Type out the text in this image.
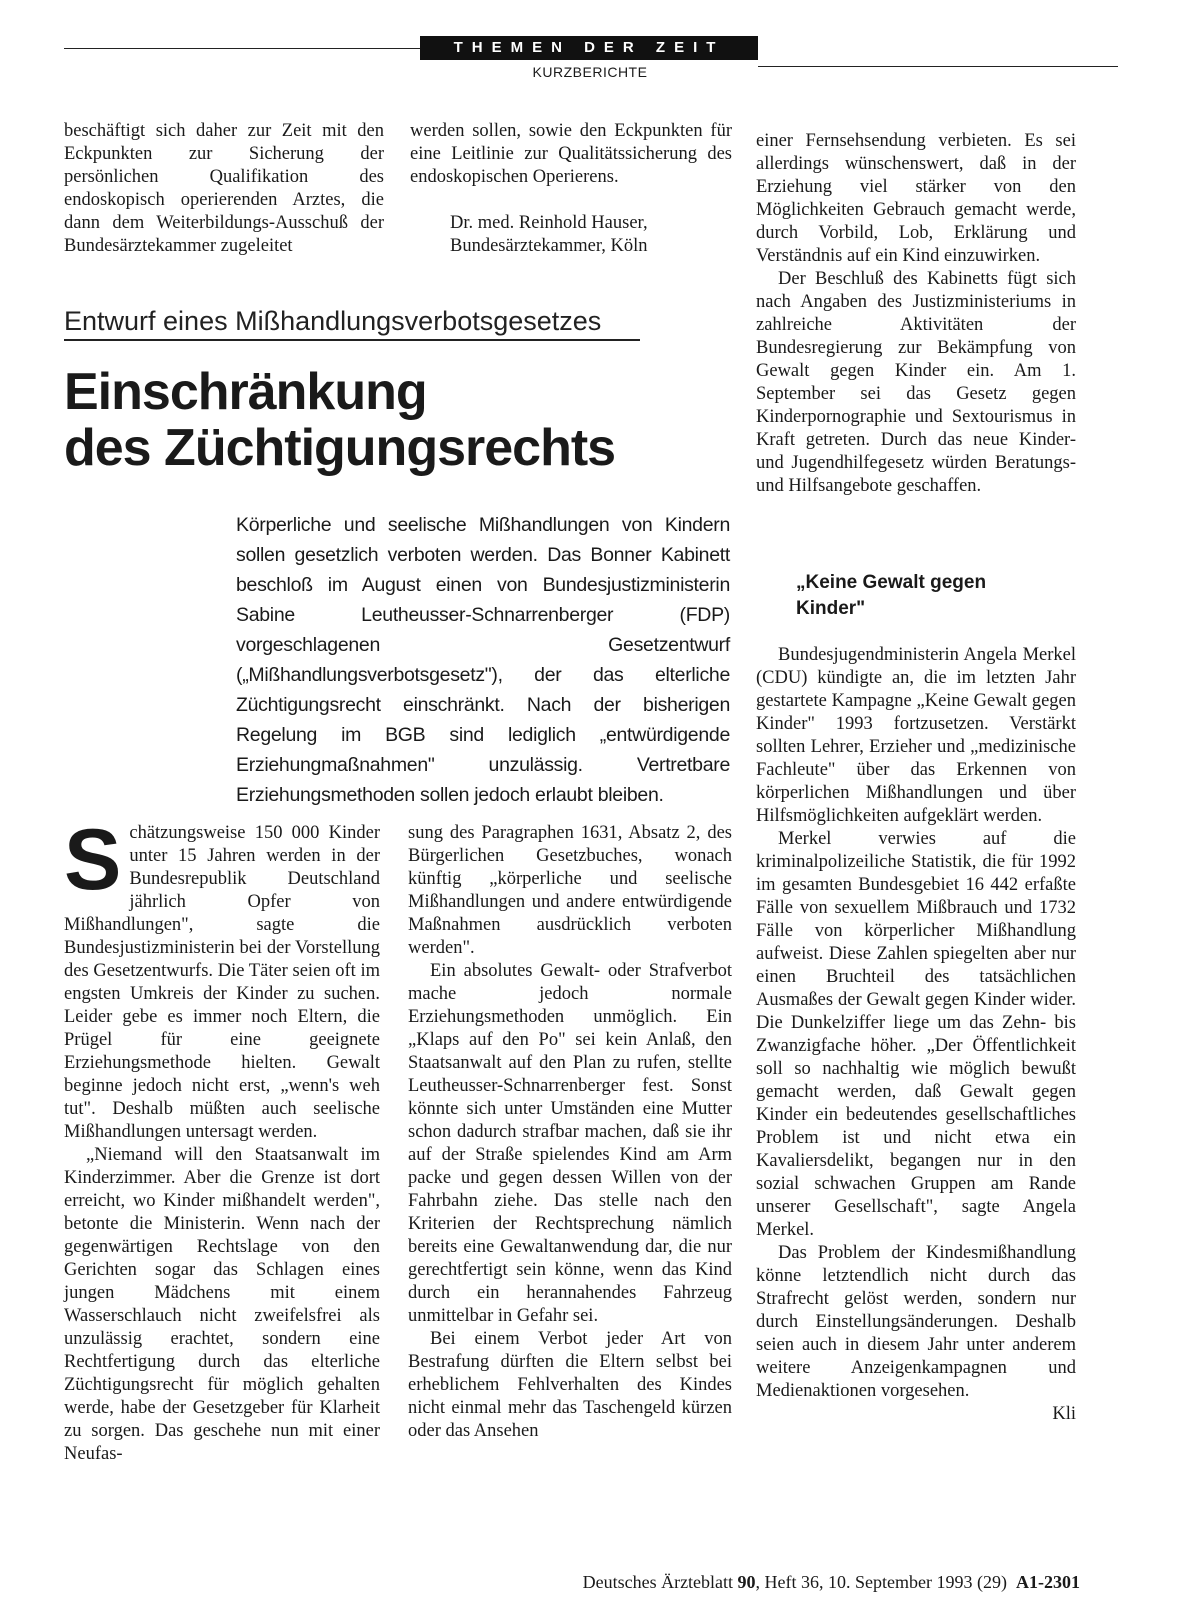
THEMEN DER ZEIT
KURZBERICHTE

beschäftigt sich daher zur Zeit mit den Eckpunkten zur Sicherung der persönlichen Qualifikation des endoskopisch operierenden Arztes, die dann dem Weiterbildungs-Ausschuß der Bundesärztekammer zugeleitet

werden sollen, sowie den Eckpunkten für eine Leitlinie zur Qualitätssicherung des endoskopischen Operierens.

Dr. med. Reinhold Hauser,
Bundesärztekammer, Köln
Entwurf eines Mißhandlungsverbotsgesetzes
Einschränkung
des Züchtigungsrechts
Körperliche und seelische Mißhandlungen von Kindern sollen gesetzlich verboten werden. Das Bonner Kabinett beschloß im August einen von Bundesjustizministerin Sabine Leutheusser-Schnarrenberger (FDP) vorgeschlagenen Gesetzentwurf („Mißhandlungsverbotsgesetz"), der das elterliche Züchtigungsrecht einschränkt. Nach der bisherigen Regelung im BGB sind lediglich „entwürdigende Erziehungmaßnahmen" unzulässig. Vertretbare Erziehungsmethoden sollen jedoch erlaubt bleiben.

Schätzungsweise 150 000 Kinder unter 15 Jahren werden in der Bundesrepublik Deutschland jährlich Opfer von Mißhandlungen", sagte die Bundesjustizministerin bei der Vorstellung des Gesetzentwurfs. Die Täter seien oft im engsten Umkreis der Kinder zu suchen. Leider gebe es immer noch Eltern, die Prügel für eine geeignete Erziehungsmethode hielten. Gewalt beginne jedoch nicht erst, „wenn's weh tut". Deshalb müßten auch seelische Mißhandlungen untersagt werden.

„Niemand will den Staatsanwalt im Kinderzimmer. Aber die Grenze ist dort erreicht, wo Kinder mißhandelt werden", betonte die Ministerin. Wenn nach der gegenwärtigen Rechtslage von den Gerichten sogar das Schlagen eines jungen Mädchens mit einem Wasserschlauch nicht zweifelsfrei als unzulässig erachtet, sondern eine Rechtfertigung durch das elterliche Züchtigungsrecht für möglich gehalten werde, habe der Gesetzgeber für Klarheit zu sorgen. Das geschehe nun mit einer Neufas-

sung des Paragraphen 1631, Absatz 2, des Bürgerlichen Gesetzbuches, wonach künftig „körperliche und seelische Mißhandlungen und andere entwürdigende Maßnahmen ausdrücklich verboten werden".

Ein absolutes Gewalt- oder Strafverbot mache jedoch normale Erziehungsmethoden unmöglich. Ein „Klaps auf den Po" sei kein Anlaß, den Staatsanwalt auf den Plan zu rufen, stellte Leutheusser-Schnarrenberger fest. Sonst könnte sich unter Umständen eine Mutter schon dadurch strafbar machen, daß sie ihr auf der Straße spielendes Kind am Arm packe und gegen dessen Willen von der Fahrbahn ziehe. Das stelle nach den Kriterien der Rechtsprechung nämlich bereits eine Gewaltanwendung dar, die nur gerechtfertigt sein könne, wenn das Kind durch ein herannahendes Fahrzeug unmittelbar in Gefahr sei.

Bei einem Verbot jeder Art von Bestrafung dürften die Eltern selbst bei erheblichem Fehlverhalten des Kindes nicht einmal mehr das Taschengeld kürzen oder das Ansehen

einer Fernsehsendung verbieten. Es sei allerdings wünschenswert, daß in der Erziehung viel stärker von den Möglichkeiten Gebrauch gemacht werde, durch Vorbild, Lob, Erklärung und Verständnis auf ein Kind einzuwirken.

Der Beschluß des Kabinetts fügt sich nach Angaben des Justizministeriums in zahlreiche Aktivitäten der Bundesregierung zur Bekämpfung von Gewalt gegen Kinder ein. Am 1. September sei das Gesetz gegen Kinderpornographie und Sextourismus in Kraft getreten. Durch das neue Kinder- und Jugendhilfegesetz würden Beratungs- und Hilfsangebote geschaffen.

„Keine Gewalt gegen Kinder"

Bundesjugendministerin Angela Merkel (CDU) kündigte an, die im letzten Jahr gestartete Kampagne „Keine Gewalt gegen Kinder" 1993 fortzusetzen. Verstärkt sollten Lehrer, Erzieher und „medizinische Fachleute" über das Erkennen von körperlichen Mißhandlungen und über Hilfsmöglichkeiten aufgeklärt werden.

Merkel verwies auf die kriminalpolizeiliche Statistik, die für 1992 im gesamten Bundesgebiet 16 442 erfaßte Fälle von sexuellem Mißbrauch und 1732 Fälle von körperlicher Mißhandlung aufweist. Diese Zahlen spiegelten aber nur einen Bruchteil des tatsächlichen Ausmaßes der Gewalt gegen Kinder wider. Die Dunkelziffer liege um das Zehn- bis Zwanzigfache höher. „Der Öffentlichkeit soll so nachhaltig wie möglich bewußt gemacht werden, daß Gewalt gegen Kinder ein bedeutendes gesellschaftliches Problem ist und nicht etwa ein Kavaliersdelikt, begangen nur in den sozial schwachen Gruppen am Rande unserer Gesellschaft", sagte Angela Merkel.

Das Problem der Kindesmißhandlung könne letztendlich nicht durch das Strafrecht gelöst werden, sondern nur durch Einstellungsänderungen. Deshalb seien auch in diesem Jahr unter anderem weitere Anzeigenkampagnen und Medienaktionen vorgesehen.

Kli

Deutsches Ärzteblatt 90, Heft 36, 10. September 1993 (29) A1-2301
